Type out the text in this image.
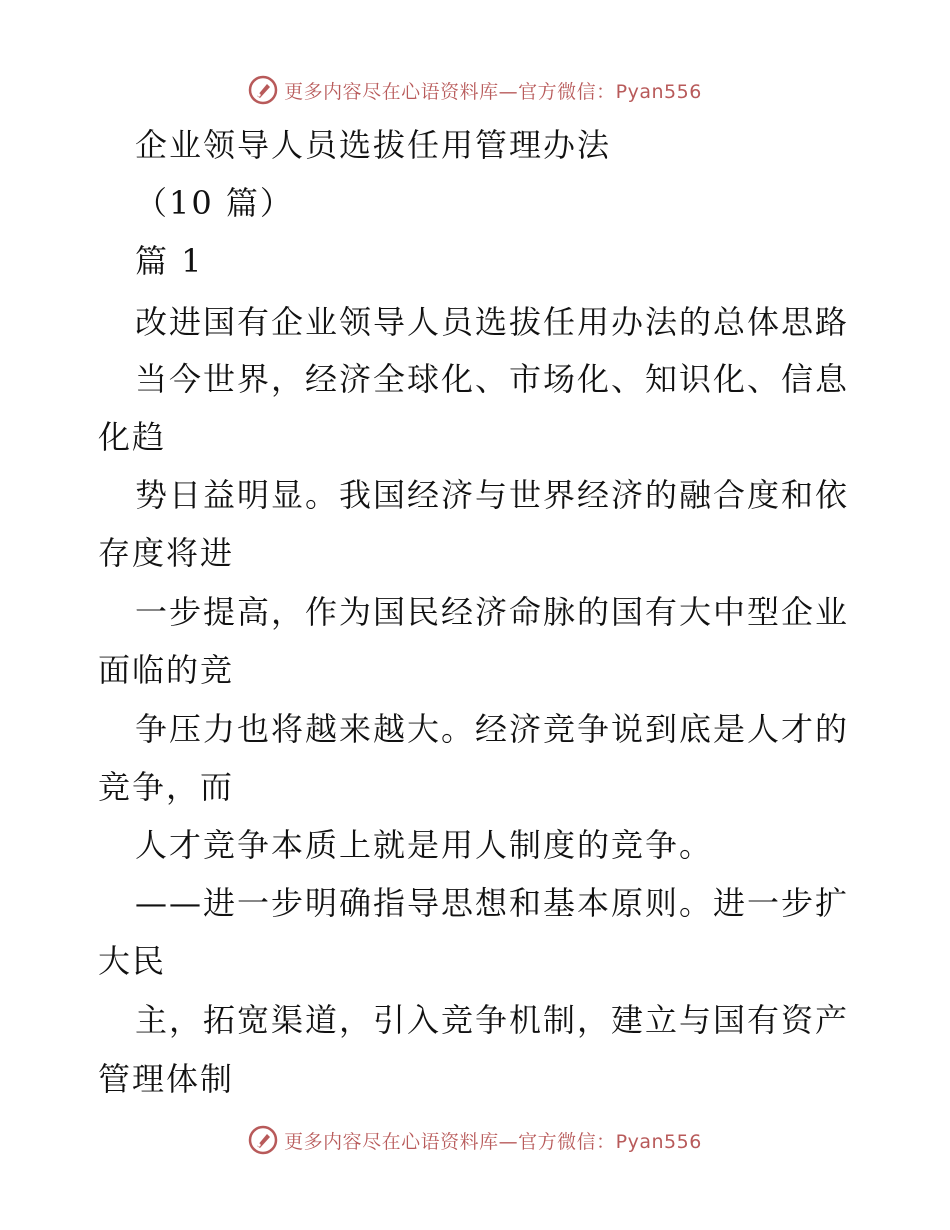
更多内容尽在心语资料库—官方微信：Pyan556
企业领导人员选拔任用管理办法
（10 篇）
篇 1
改进国有企业领导人员选拔任用办法的总体思路
当今世界，经济全球化、市场化、知识化、信息
化趋
势日益明显。我国经济与世界经济的融合度和依
存度将进
一步提高，作为国民经济命脉的国有大中型企业
面临的竞
争压力也将越来越大。经济竞争说到底是人才的
竞争，而
人才竞争本质上就是用人制度的竞争。
——进一步明确指导思想和基本原则。进一步扩
大民
主，拓宽渠道，引入竞争机制，建立与国有资产
管理体制
更多内容尽在心语资料库—官方微信：Pyan556
